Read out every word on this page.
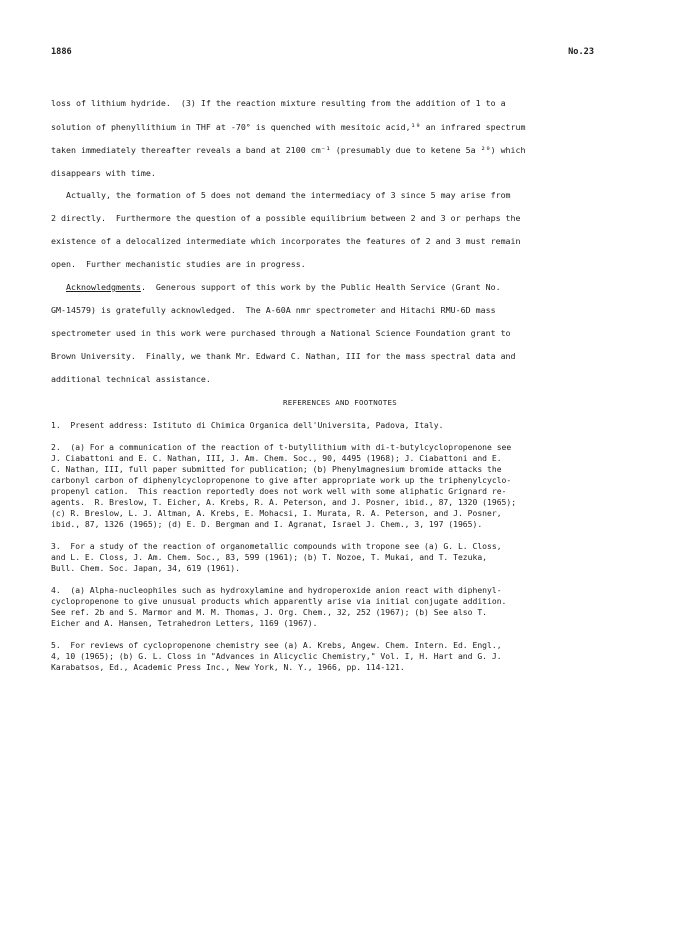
1886	No.23
loss of lithium hydride.  (3) If the reaction mixture resulting from the addition of 1 to a
solution of phenyllithium in THF at -70° is quenched with mesitoic acid,¹⁹ an infrared spectrum
taken immediately thereafter reveals a band at 2100 cm⁻¹ (presumably due to ketene 5a ²⁰) which
disappears with time.
Actually, the formation of 5 does not demand the intermediacy of 3 since 5 may arise from
2 directly.  Furthermore the question of a possible equilibrium between 2 and 3 or perhaps the
existence of a delocalized intermediate which incorporates the features of 2 and 3 must remain
open.  Further mechanistic studies are in progress.
Acknowledgments.  Generous support of this work by the Public Health Service (Grant No.
GM-14579) is gratefully acknowledged.  The A-60A nmr spectrometer and Hitachi RMU-6D mass
spectrometer used in this work were purchased through a National Science Foundation grant to
Brown University.  Finally, we thank Mr. Edward C. Nathan, III for the mass spectral data and
additional technical assistance.
REFERENCES AND FOOTNOTES
1.  Present address: Istituto di Chimica Organica dell'Universita, Padova, Italy.
2.  (a) For a communication of the reaction of t-butyllithium with di-t-butylcyclopropenone see
J. Ciabattoni and E. C. Nathan, III, J. Am. Chem. Soc., 90, 4495 (1968); J. Ciabattoni and E.
C. Nathan, III, full paper submitted for publication; (b) Phenylmagnesium bromide attacks the
carbonyl carbon of diphenylcyclopropenone to give after appropriate work up the triphenylcyclo-
propenyl cation.  This reaction reportedly does not work well with some aliphatic Grignard re-
agents.  R. Breslow, T. Eicher, A. Krebs, R. A. Peterson, and J. Posner, ibid., 87, 1320 (1965);
(c) R. Breslow, L. J. Altman, A. Krebs, E. Mohacsi, I. Murata, R. A. Peterson, and J. Posner,
ibid., 87, 1326 (1965); (d) E. D. Bergman and I. Agranat, Israel J. Chem., 3, 197 (1965).
3.  For a study of the reaction of organometallic compounds with tropone see (a) G. L. Closs,
and L. E. Closs, J. Am. Chem. Soc., 83, 599 (1961); (b) T. Nozoe, T. Mukai, and T. Tezuka,
Bull. Chem. Soc. Japan, 34, 619 (1961).
4.  (a) Alpha-nucleophiles such as hydroxylamine and hydroperoxide anion react with diphenyl-
cyclopropenone to give unusual products which apparently arise via initial conjugate addition.
See ref. 2b and S. Marmor and M. M. Thomas, J. Org. Chem., 32, 252 (1967); (b) See also T.
Eicher and A. Hansen, Tetrahedron Letters, 1169 (1967).
5.  For reviews of cyclopropenone chemistry see (a) A. Krebs, Angew. Chem. Intern. Ed. Engl.,
4, 10 (1965); (b) G. L. Closs in "Advances in Alicyclic Chemistry," Vol. I, H. Hart and G. J.
Karabatsos, Ed., Academic Press Inc., New York, N. Y., 1966, pp. 114-121.
